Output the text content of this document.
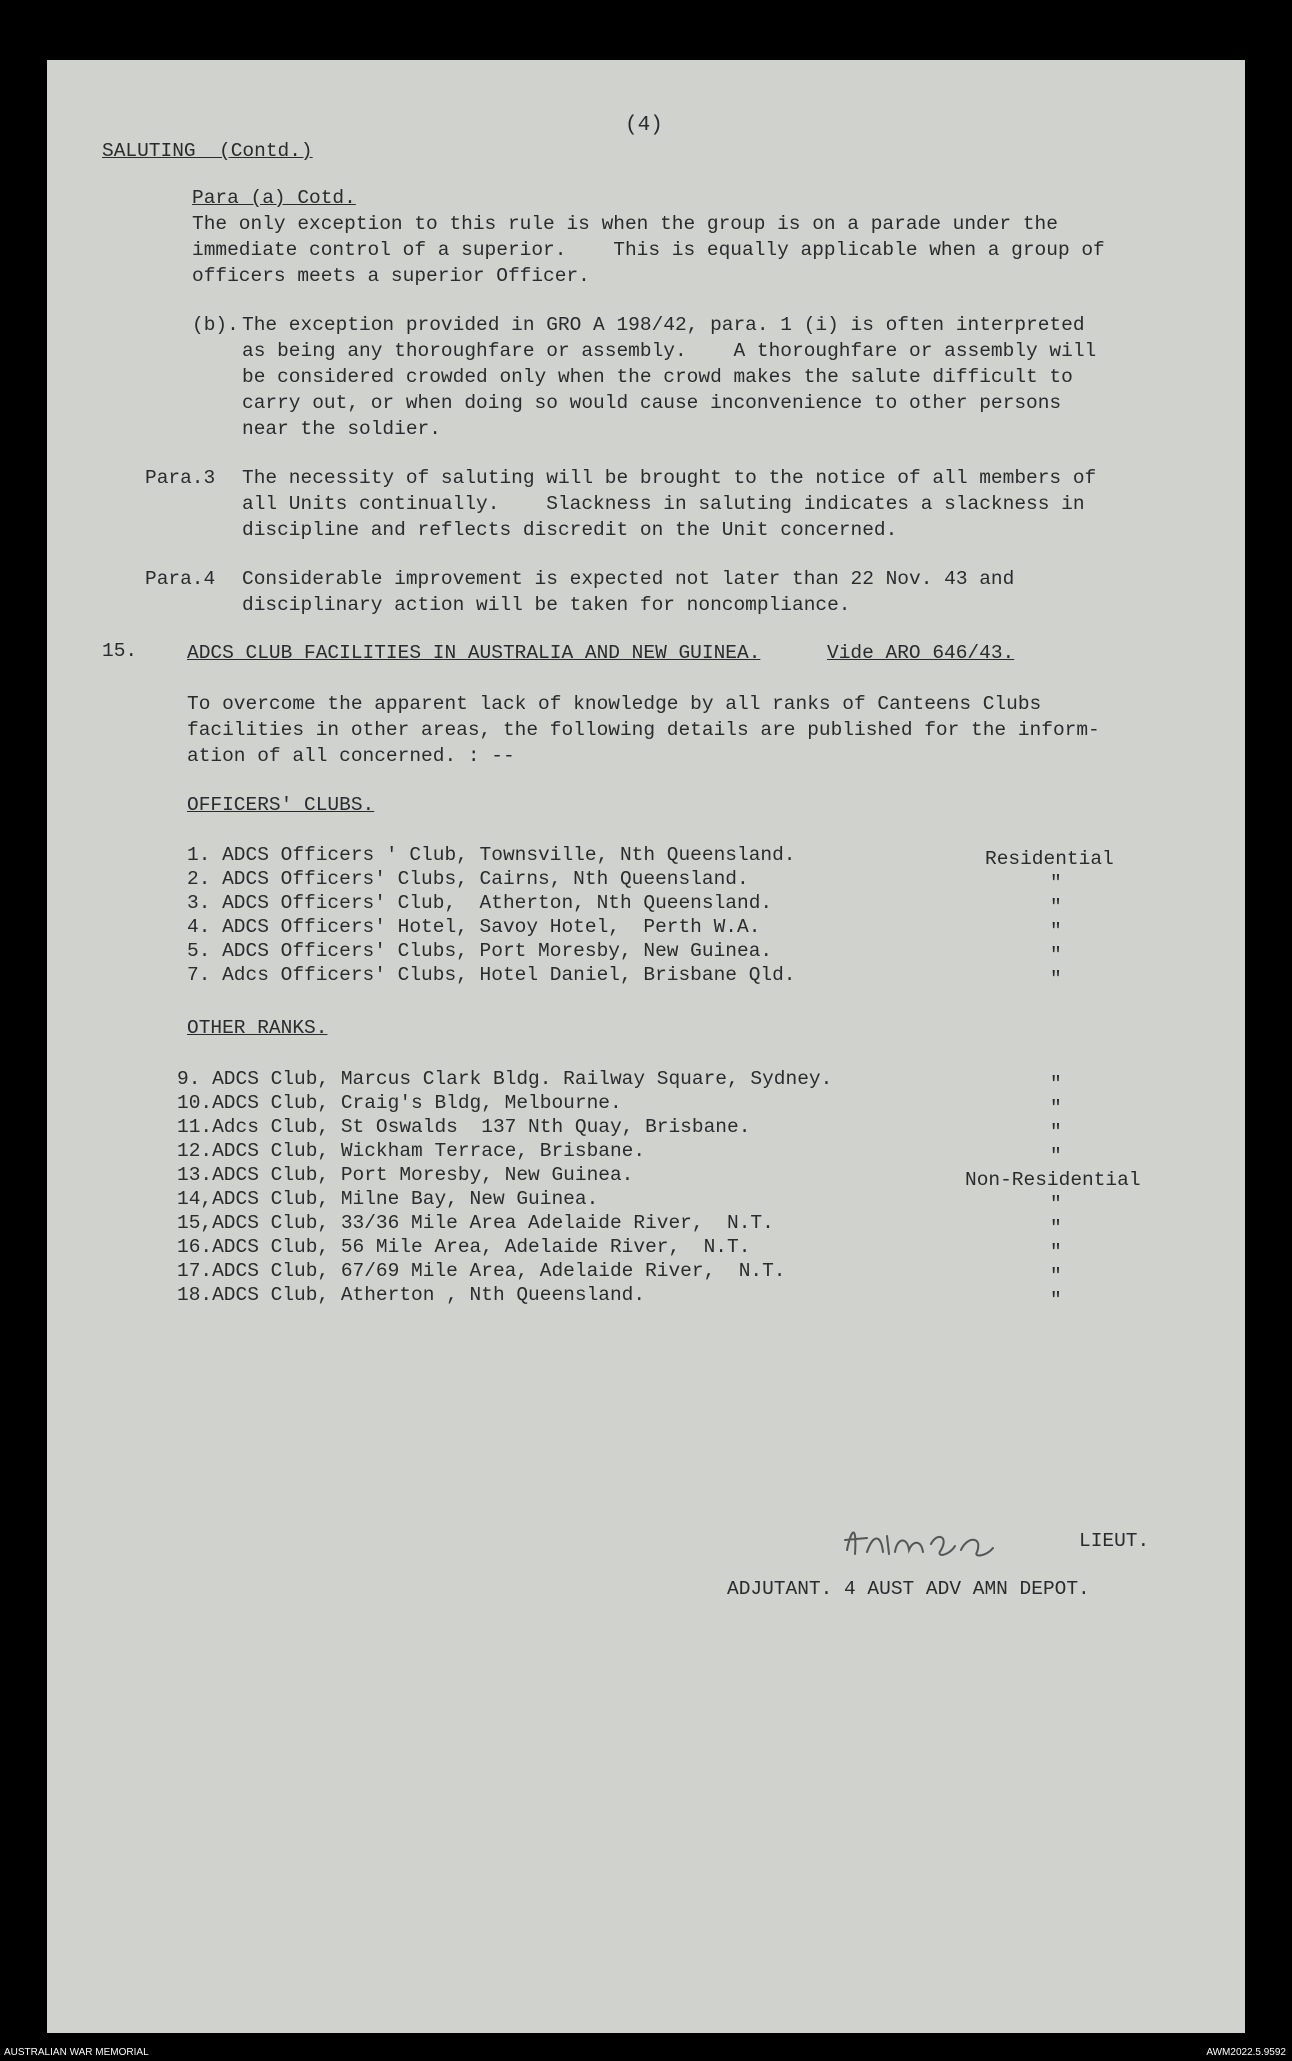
(4)
SALUTING  (Contd.)
Para (a) Cotd.
The only exception to this rule is when the group is on a parade under the
immediate control of a superior.    This is equally applicable when a group of
officers meets a superior Officer.
(b). The exception provided in GRO A 198/42, para. 1 (i) is often interpreted
as being any thoroughfare or assembly.    A thoroughfare or assembly will
be considered crowded only when the crowd makes the salute difficult to
carry out, or when doing so would cause inconvenience to other persons
near the soldier.
Para.3 The necessity of saluting will be brought to the notice of all members of
all Units continually.    Slackness in saluting indicates a slackness in
discipline and reflects discredit on the Unit concerned.
Para.4 Considerable improvement is expected not later than 22 Nov. 43 and
disciplinary action will be taken for noncompliance.
15.	ADCS CLUB FACILITIES IN AUSTRALIA AND NEW GUINEA.	Vide ARO 646/43.
To overcome the apparent lack of knowledge by all ranks of Canteens Clubs
facilities in other areas, the following details are published for the inform-
ation of all concerned. : --
OFFICERS' CLUBS.
1. ADCS Officers ' Club, Townsville, Nth Queensland.	Residential
2. ADCS Officers' Clubs, Cairns, Nth Queensland.	"
3. ADCS Officers' Club,  Atherton, Nth Queensland.	"
4. ADCS Officers' Hotel, Savoy Hotel,  Perth W.A.	"
5. ADCS Officers' Clubs, Port Moresby, New Guinea.	"
7. Adcs Officers' Clubs, Hotel Daniel, Brisbane Qld.	"
OTHER RANKS.
9. ADCS Club, Marcus Clark Bldg. Railway Square, Sydney.	"
10.ADCS Club, Craig's Bldg, Melbourne.	"
11.Adcs Club, St Oswalds  137 Nth Quay, Brisbane.	"
12.ADCS Club, Wickham Terrace, Brisbane.	"
13.ADCS Club, Port Moresby, New Guinea.	Non-Residential
14,ADCS Club, Milne Bay, New Guinea.	"
15,ADCS Club, 33/36 Mile Area Adelaide River,  N.T.	"
16.ADCS Club, 56 Mile Area, Adelaide River,  N.T.	"
17.ADCS Club, 67/69 Mile Area, Adelaide River,  N.T.	"
18.ADCS Club, Atherton , Nth Queensland.	"
LIEUT.
ADJUTANT. 4 AUST ADV AMN DEPOT.
AUSTRALIAN WAR MEMORIAL	AWM2022.5.9592
